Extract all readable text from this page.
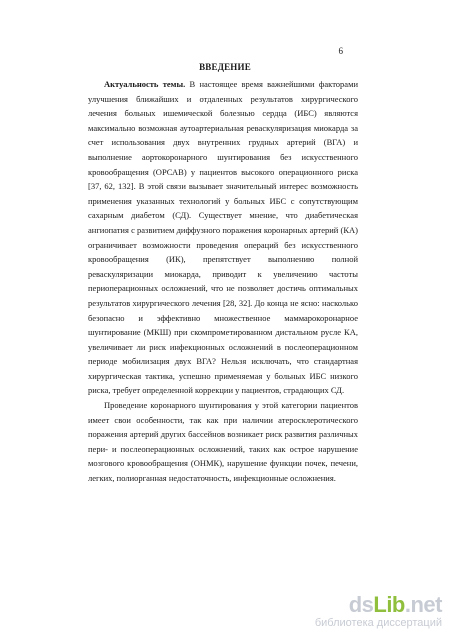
6
ВВЕДЕНИЕ

Актуальность темы. В настоящее время важнейшими факторами улучшения ближайших и отдаленных результатов хирургического лечения больных ишемической болезнью сердца (ИБС) являются максимально возможная аутоартериальная реваскуляризация миокарда за счет использования двух внутренних грудных артерий (ВГА) и выполнение аортокоронарного шунтирования без искусственного кровообращения (ОРСАВ) у пациентов высокого операционного риска [37, 62, 132]. В этой связи вызывает значительный интерес возможность применения указанных технологий у больных ИБС с сопутствующим сахарным диабетом (СД). Существует мнение, что диабетическая ангиопатия с развитием диффузного поражения коронарных артерий (КА) ограничивает возможности проведения операций без искусственного кровообращения (ИК), препятствует выполнению полной реваскуляризации миокарда, приводит к увеличению частоты периоперационных осложнений, что не позволяет достичь оптимальных результатов хирургического лечения [28, 32]. До конца не ясно: насколько безопасно и эффективно множественное маммарокоронарное шунтирование (МКШ) при скомпрометированном дистальном русле КА, увеличивает ли риск инфекционных осложнений в послеоперационном периоде мобилизация двух ВГА? Нельзя исключать, что стандартная хирургическая тактика, успешно применяемая у больных ИБС низкого риска, требует определенной коррекции у пациентов, страдающих СД.

Проведение коронарного шунтирования у этой категории пациентов имеет свои особенности, так как при наличии атеросклеротического поражения артерий других бассейнов возникает риск развития различных пери- и послеоперационных осложнений, таких как острое нарушение мозгового кровообращения (ОНМК), нарушение функции почек, печени, легких, полиорганная недостаточность, инфекционные осложнения.

dsLib.net
библиотека диссертаций
